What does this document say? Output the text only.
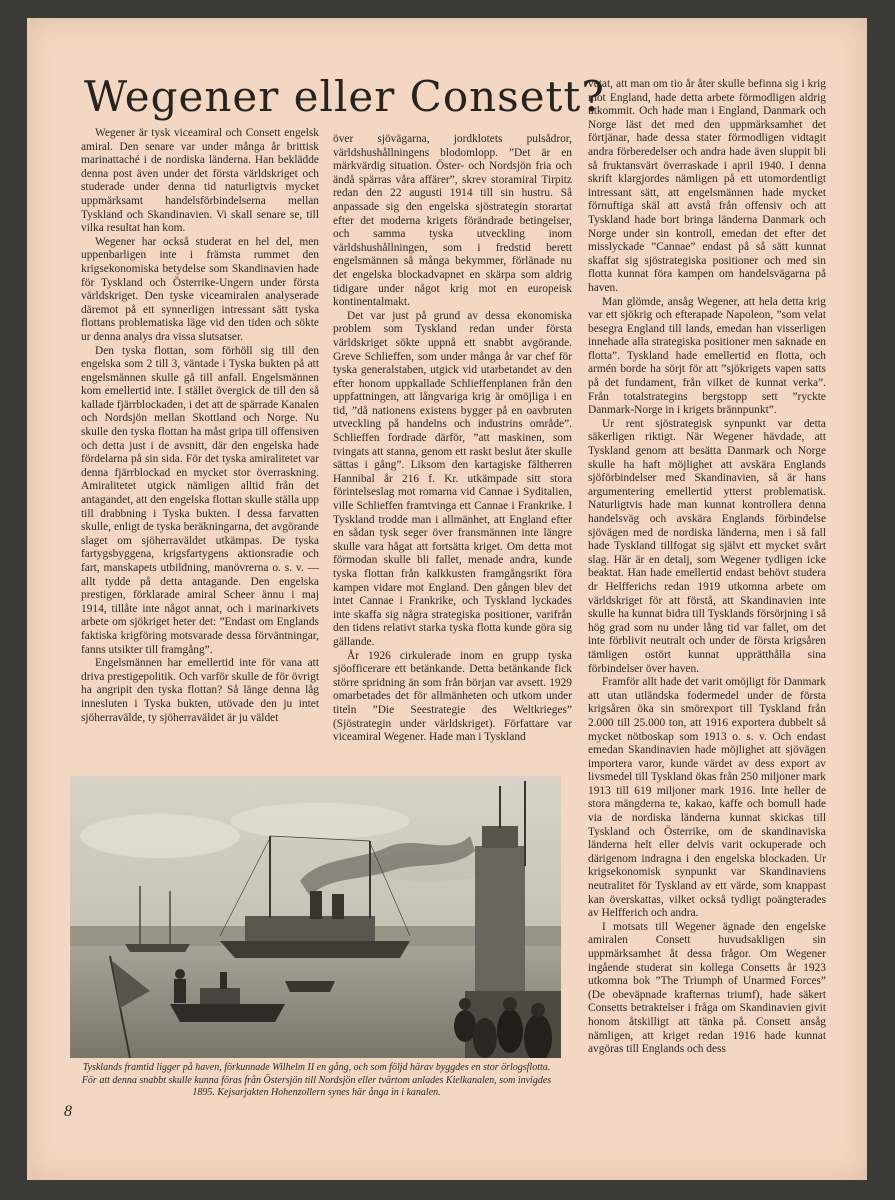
Wegener eller Consett?

Wegener är tysk viceamiral och Consett engelsk amiral. Den senare var under många år brittisk marinattaché i de nordiska länderna. Han beklädde denna post även under det första världskriget och studerade under denna tid naturligtvis mycket uppmärksamt handelsförbindelserna mellan Tyskland och Skandinavien. Vi skall senare se, till vilka resultat han kom.

Wegener har också studerat en hel del, men uppenbarligen inte i främsta rummet den krigsekonomiska betydelse som Skandinavien hade för Tyskland och Österrike-Ungern under första världskriget. Den tyske viceamiralen analyserade däremot på ett synnerligen intressant sätt tyska flottans problematiska läge vid den tiden och sökte ur denna analys dra vissa slutsatser.

Den tyska flottan, som förhöll sig till den engelska som 2 till 3, väntade i Tyska bukten på att engelsmännen skulle gå till anfall. Engelsmännen kom emellertid inte. I stället övergick de till den så kallade fjärrblockaden, i det att de spärrade Kanalen och Nordsjön mellan Skottland och Norge. Nu skulle den tyska flottan ha måst gripa till offensiven och detta just i de avsnitt, där den engelska hade fördelarna på sin sida. För det tyska amiralitetet var denna fjärrblockad en mycket stor överraskning. Amiralitetet utgick nämligen alltid från det antagandet, att den engelska flottan skulle ställa upp till drabbning i Tyska bukten. I dessa farvatten skulle, enligt de tyska beräkningarna, det avgörande slaget om sjöherraväldet utkämpas. De tyska fartygsbyggena, krigsfartygens aktionsradie och fart, manskapets utbildning, manövrerna o. s. v. — allt tydde på detta antagande. Den engelska prestigen, förklarade amiral Scheer ännu i maj 1914, tillåte inte något annat, och i marinarkivets arbete om sjökriget heter det: ”Endast om Englands faktiska krigföring motsvarade dessa förväntningar, fanns utsikter till framgång”.

Engelsmännen har emellertid inte för vana att driva prestigepolitik. Och varför skulle de för övrigt ha angripit den tyska flottan? Så länge denna låg innesluten i Tyska bukten, utövade den ju intet sjöherravälde, ty sjöherraväldet är ju väldet

över sjövägarna, jordklotets pulsådror, världshushållningens blodomlopp. ”Det är en märkvärdig situation. Öster- och Nordsjön fria och ändå spärras våra affärer”, skrev storamiral Tirpitz redan den 22 augusti 1914 till sin hustru. Så anpassade sig den engelska sjöstrategin storartat efter det moderna krigets förändrade betingelser, och samma tyska utveckling inom världshushållningen, som i fredstid berett engelsmännen så många bekymmer, förlänade nu det engelska blockadvapnet en skärpa som aldrig tidigare under något krig mot en europeisk kontinentalmakt.

Det var just på grund av dessa ekonomiska problem som Tyskland redan under första världskriget sökte uppnå ett snabbt avgörande. Greve Schlieffen, som under många år var chef för tyska generalstaben, utgick vid utarbetandet av den efter honom uppkallade Schlieffenplanen från den uppfattningen, att långvariga krig är omöjliga i en tid, ”då nationens existens bygger på en oavbruten utveckling på handelns och industrins område”. Schlieffen fordrade därför, ”att maskinen, som tvingats att stanna, genom ett raskt beslut åter skulle sättas i gång”. Liksom den kartagiske fältherren Hannibal år 216 f. Kr. utkämpade sitt stora förintelseslag mot romarna vid Cannae i Syditalien, ville Schlieffen framtvinga ett Cannae i Frankrike. I Tyskland trodde man i allmänhet, att England efter en sådan tysk seger över fransmännen inte längre skulle vara hågat att fortsätta kriget. Om detta mot förmodan skulle bli fallet, menade andra, kunde tyska flottan från kalkkusten framgångsrikt föra kampen vidare mot England. Den gången blev det intet Cannae i Frankrike, och Tyskland lyckades inte skaffa sig några strategiska positioner, varifrån den tidens relativt starka tyska flotta kunde göra sig gällande.

År 1926 cirkulerade inom en grupp tyska sjöofficerare ett betänkande. Detta betänkande fick större spridning än som från början var avsett. 1929 omarbetades det för allmänheten och utkom under titeln ”Die Seestrategie des Weltkrieges” (Sjöstrategin under världskriget). Författare var viceamiral Wegener. Hade man i Tyskland

vetat, att man om tio år åter skulle befinna sig i krig mot England, hade detta arbete förmodligen aldrig utkommit. Och hade man i England, Danmark och Norge läst det med den uppmärksamhet det förtjänar, hade dessa stater förmodligen vidtagit andra förberedelser och andra hade även sluppit bli så fruktansvärt överraskade i april 1940. I denna skrift klargjordes nämligen på ett utomordentligt intressant sätt, att engelsmännen hade mycket förnuftiga skäl att avstå från offensiv och att Tyskland hade bort bringa länderna Danmark och Norge under sin kontroll, emedan det efter det misslyckade ”Cannae” endast på så sätt kunnat skaffat sig sjöstrategiska positioner och med sin flotta kunnat föra kampen om handelsvägarna på haven.

Man glömde, ansåg Wegener, att hela detta krig var ett sjökrig och efterapade Napoleon, ”som velat besegra England till lands, emedan han visserligen innehade alla strategiska positioner men saknade en flotta”. Tyskland hade emellertid en flotta, och armén borde ha sörjt för att ”sjökrigets vapen satts på det fundament, från vilket de kunnat verka”. Från totalstrategins bergstopp sett ”ryckte Danmark-Norge in i krigets brännpunkt”.

Ur rent sjöstrategisk synpunkt var detta säkerligen riktigt. När Wegener hävdade, att Tyskland genom att besätta Danmark och Norge skulle ha haft möjlighet att avskära Englands sjöförbindelser med Skandinavien, så är hans argumentering emellertid ytterst problematisk. Naturligtvis hade man kunnat kontrollera denna handelsväg och avskära Englands förbindelse sjövägen med de nordiska länderna, men i så fall hade Tyskland tillfogat sig självt ett mycket svårt slag. Här är en detalj, som Wegener tydligen icke beaktat. Han hade emellertid endast behövt studera dr Helfferichs redan 1919 utkomna arbete om världskriget för att förstå, att Skandinavien inte skulle ha kunnat bidra till Tysklands försörjning i så hög grad som nu under lång tid var fallet, om det inte förblivit neutralt och under de första krigsåren tämligen ostört kunnat upprätthålla sina förbindelser över haven.

Framför allt hade det varit omöjligt för Danmark att utan utländska fodermedel under de första krigsåren öka sin smörexport till Tyskland från 2.000 till 25.000 ton, att 1916 exportera dubbelt så mycket nötboskap som 1913 o. s. v. Och endast emedan Skandinavien hade möjlighet att sjövägen importera varor, kunde värdet av dess export av livsmedel till Tyskland ökas från 250 miljoner mark 1913 till 619 miljoner mark 1916. Inte heller de stora mängderna te, kakao, kaffe och bomull hade via de nordiska länderna kunnat skickas till Tyskland och Österrike, om de skandinaviska länderna helt eller delvis varit ockuperade och därigenom indragna i den engelska blockaden. Ur krigsekonomisk synpunkt var Skandinaviens neutralitet för Tyskland av ett värde, som knappast kan överskattas, vilket också tydligt poängterades av Helfferich och andra.

I motsats till Wegener ägnade den engelske amiralen Consett huvudsakligen sin uppmärksamhet åt dessa frågor. Om Wegener ingående studerat sin kollega Consetts år 1923 utkomna bok ”The Triumph of Unarmed Forces” (De obeväpnade krafternas triumf), hade säkert Consetts betraktelser i fråga om Skandinavien givit honom åtskilligt att tänka på. Consett ansåg nämligen, att kriget redan 1916 hade kunnat avgöras till Englands och dess

Tysklands framtid ligger på haven, förkunnade Wilhelm II en gång, och som följd härav byggdes en stor örlogsflotta. För att denna snabbt skulle kunna föras från Östersjön till Nordsjön eller tvärtom anlades Kielkanalen, som invigdes 1895. Kejsarjakten Hohenzollern synes här ånga in i kanalen.

8
